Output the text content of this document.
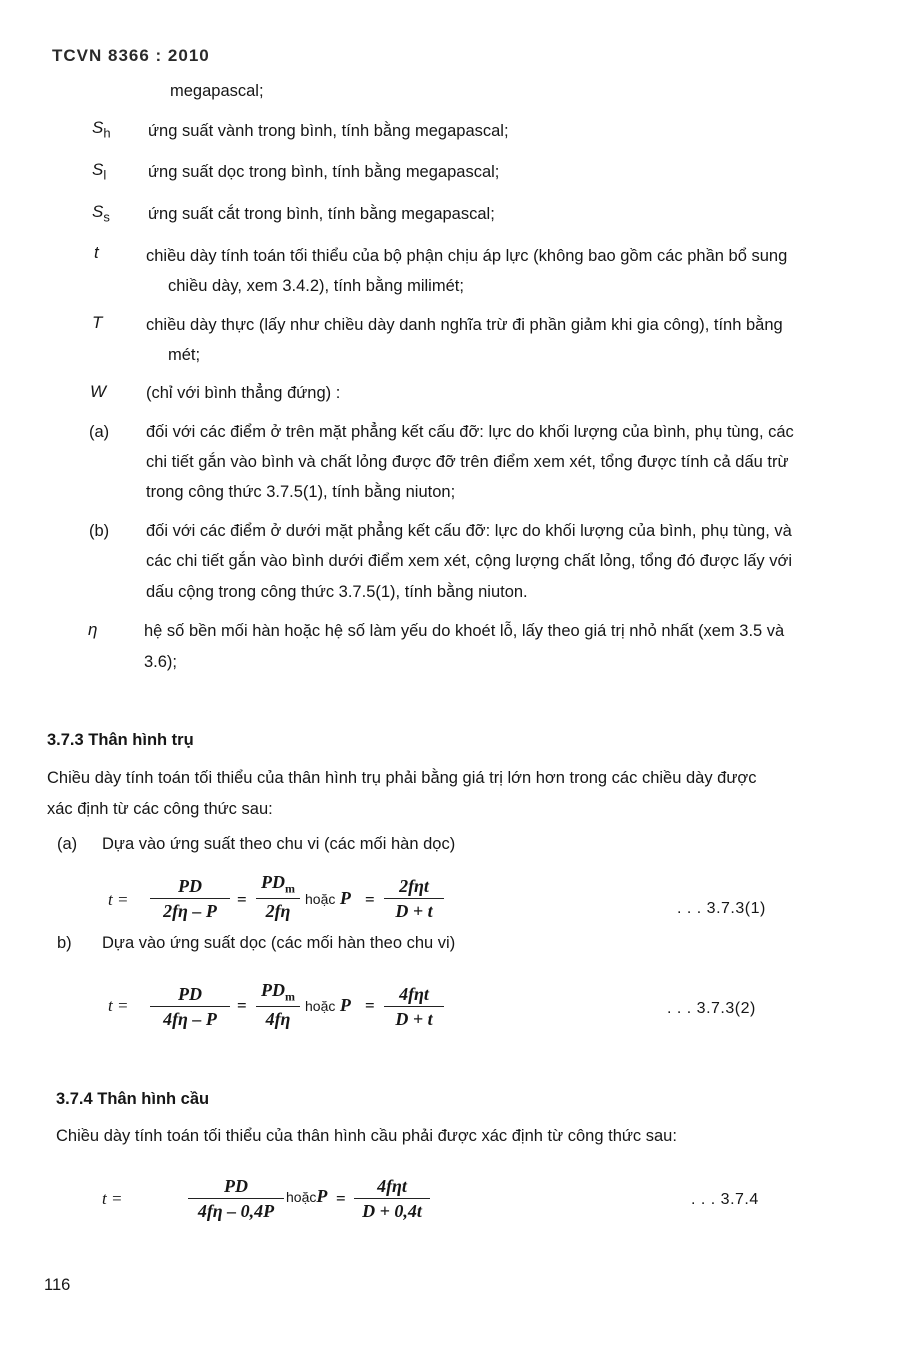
TCVN 8366 : 2010
megapascal;
$S_h$ ứng suất vành trong bình, tính bằng megapascal;
$S_l$	ứng suất dọc trong bình, tính bằng megapascal;
$S_s$ ứng suất cắt trong bình, tính bằng megapascal;
t	chiều dày tính toán tối thiểu của bộ phận chịu áp lực (không bao gồm các phần bổ sung
chiều dày, xem 3.4.2), tính bằng milimét;
T	chiều dày thực (lấy như chiều dày danh nghĩa trừ đi phần giảm khi gia công), tính bằng
mét;
W (chỉ với bình thẳng đứng) :
(a) đối với các điểm ở trên mặt phẳng kết cấu đỡ: lực do khối lượng của bình, phụ tùng, các
chi tiết gắn vào bình và chất lỏng được đỡ trên điểm xem xét, tổng được tính cả dấu trừ
trong công thức 3.7.5(1), tính bằng niuton;
(b) đối với các điểm ở dưới mặt phẳng kết cấu đỡ: lực do khối lượng của bình, phụ tùng, và
các chi tiết gắn vào bình dưới điểm xem xét, cộng lượng chất lỏng, tổng đó được lấy với
dấu cộng trong công thức 3.7.5(1), tính bằng niuton.
η	hệ số bền mối hàn hoặc hệ số làm yếu do khoét lỗ, lấy theo giá trị nhỏ nhất (xem 3.5 và
3.6);
3.7.3 Thân hình trụ
Chiều dày tính toán tối thiểu của thân hình trụ phải bằng giá trị lớn hơn trong các chiều dày được
xác định từ các công thức sau:
(a) Dựa vào ứng suất theo chu vi (các mối hàn dọc)
$t = \frac{PD}{2f\eta - P}$ =
$PD_m$
2fη
hoặc P =
2fηt
D + t	. . . 3.7.3(1)
b) Dựa vào ứng suất dọc (các mối hàn theo chu vi)
$t = \frac{PD}{4f\eta - P}$ =
$PD_m$
4fη
hoặc P =
4fηt
D + t
. . . 3.7.3(2)
3.7.4 Thân hình cầu
Chiều dày tính toán tối thiểu của thân hình cầu phải được xác định từ công thức sau:
t =	$\frac{PD}{4f\eta - 0,4P}$ hoặcP =
4fηt
D + 0,4t
. . . 3.7.4
116
